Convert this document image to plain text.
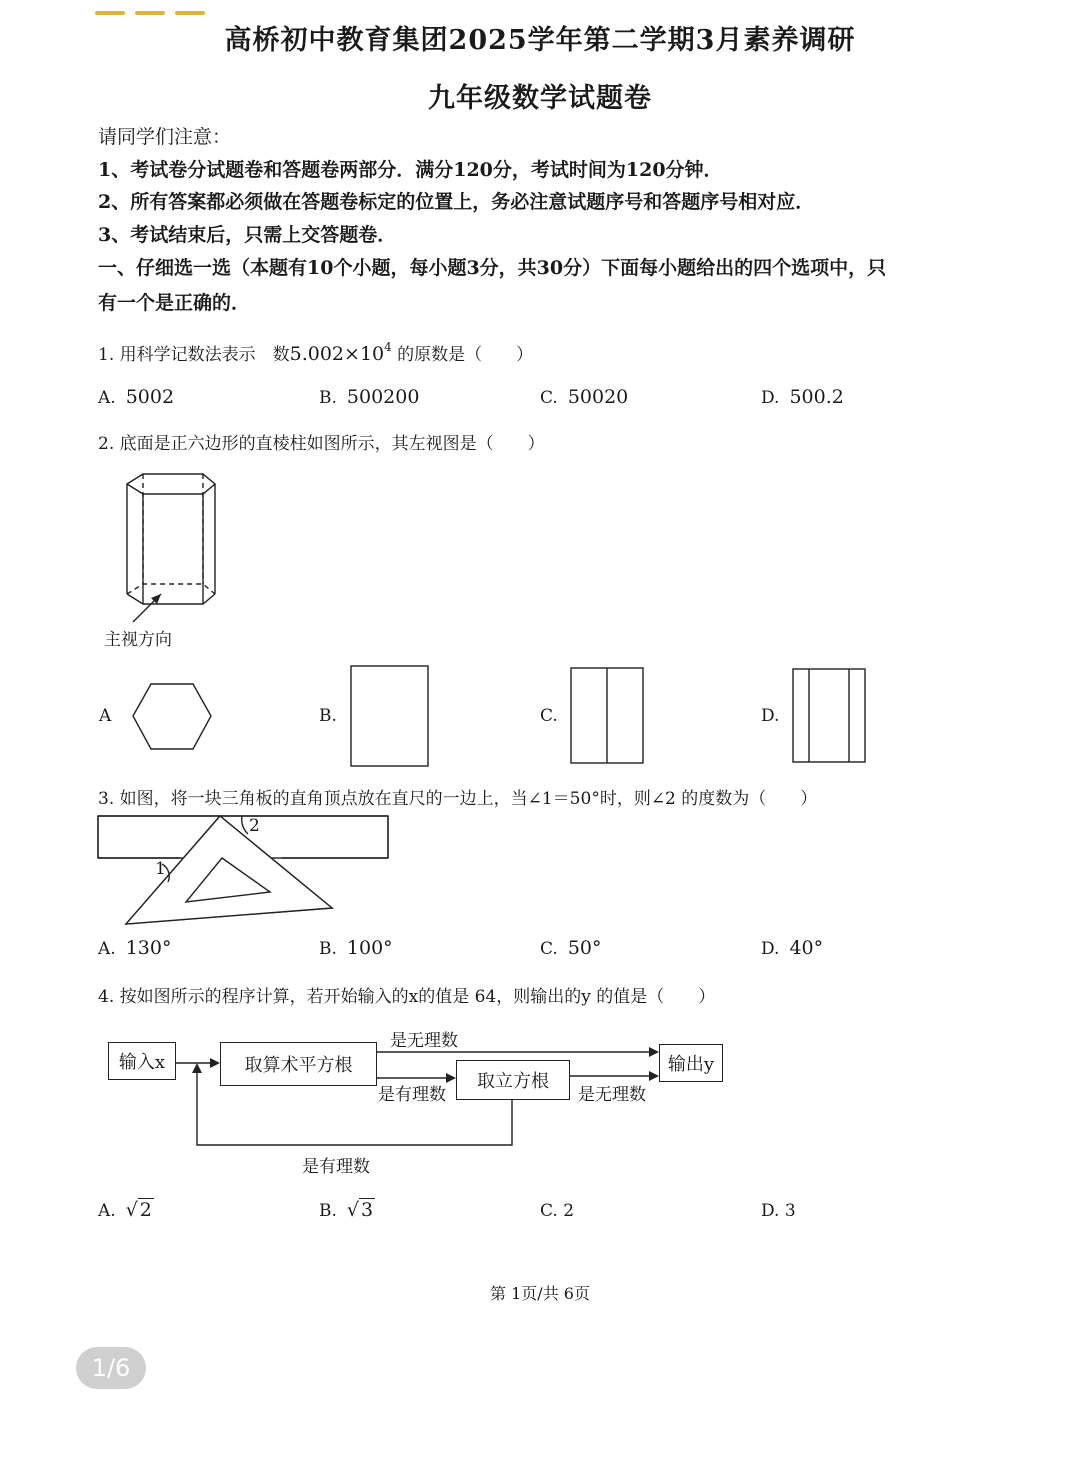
高桥初中教育集团2025学年第二学期3月素养调研
九年级数学试题卷
请同学们注意：
1、考试卷分试题卷和答题卷两部分．满分120分，考试时间为120分钟．
2、所有答案都必须做在答题卷标定的位置上，务必注意试题序号和答题序号相对应．
3、考试结束后，只需上交答题卷．
一、仔细选一选（本题有10个小题，每小题3分，共30分）下面每小题给出的四个选项中，只
有一个是正确的．
1. 用科学记数法表示　数$5.002\times 10^4$ 的原数是（　　）
A. 5002	B. 500200	C. 50020	D. 500.2
2. 底面是正六边形的直棱柱如图所示，其左视图是（　　）
主视方向
A	B.	C.	D.
3. 如图，将一块三角板的直角顶点放在直尺的一边上，当∠1＝50°时，则∠2 的度数为（　　）
2
1
A. 130°	B. 100°	C. 50°	D. 40°
4. 按如图所示的程序计算，若开始输入的x的值是 64，则输出的y 的值是（　　）
输入x	取算术平方根
取立方根
输出y
是无理数
是有理数	是无理数
是有理数
A. √ 2	B. √ 3	C. 2	D. 3
第 1页/共 6页
1/6
